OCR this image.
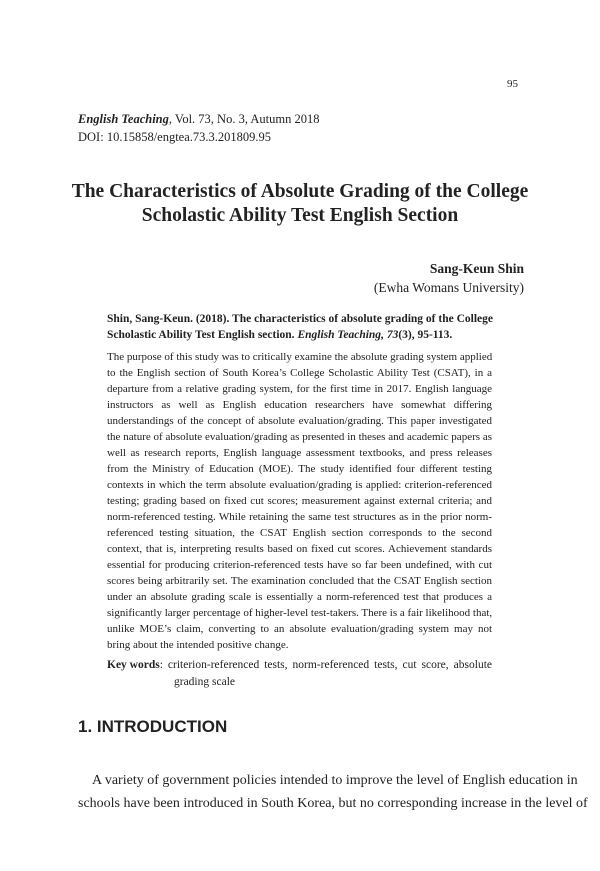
95
English Teaching, Vol. 73, No. 3, Autumn 2018
DOI: 10.15858/engtea.73.3.201809.95
The Characteristics of Absolute Grading of the College
Scholastic Ability Test English Section
Sang-Keun Shin
(Ewha Womans University)
Shin, Sang-Keun. (2018). The characteristics of absolute grading of the College
Scholastic Ability Test English section. English Teaching, 73(3), 95-113.
The purpose of this study was to critically examine the absolute grading system applied
to the English section of South Korea’s College Scholastic Ability Test (CSAT), in a
departure from a relative grading system, for the first time in 2017. English language
instructors as well as English education researchers have somewhat differing
understandings of the concept of absolute evaluation/grading. This paper investigated
the nature of absolute evaluation/grading as presented in theses and academic papers as
well as research reports, English language assessment textbooks, and press releases
from the Ministry of Education (MOE). The study identified four different testing
contexts in which the term absolute evaluation/grading is applied: criterion-referenced
testing; grading based on fixed cut scores; measurement against external criteria; and
norm-referenced testing. While retaining the same test structures as in the prior norm-
referenced testing situation, the CSAT English section corresponds to the second
context, that is, interpreting results based on fixed cut scores. Achievement standards
essential for producing criterion-referenced tests have so far been undefined, with cut
scores being arbitrarily set. The examination concluded that the CSAT English section
under an absolute grading scale is essentially a norm-referenced test that produces a
significantly larger percentage of higher-level test-takers. There is a fair likelihood that,
unlike MOE’s claim, converting to an absolute evaluation/grading system may not
bring about the intended positive change.
Key words : criterion-referenced tests, norm-referenced tests, cut score, absolute
grading scale
1. INTRODUCTION
A variety of government policies intended to improve the level of English education in
schools have been introduced in South Korea, but no corresponding increase in the level of
